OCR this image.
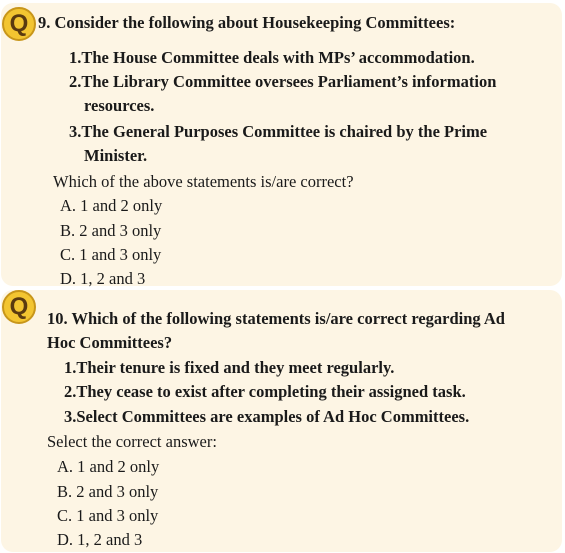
Q 9. Consider the following about Housekeeping Committees:
1.The House Committee deals with MPs’ accommodation.
2.The Library Committee oversees Parliament’s information
resources.
3.The General Purposes Committee is chaired by the Prime
Minister.
Which of the above statements is/are correct?
A. 1 and 2 only
B. 2 and 3 only
C. 1 and 3 only
D. 1, 2 and 3
Q	10. Which of the following statements is/are correct regarding Ad
Hoc Committees?
1.Their tenure is fixed and they meet regularly.
2.They cease to exist after completing their assigned task.
3.Select Committees are examples of Ad Hoc Committees.
Select the correct answer:
A. 1 and 2 only
B. 2 and 3 only
C. 1 and 3 only
D. 1, 2 and 3
